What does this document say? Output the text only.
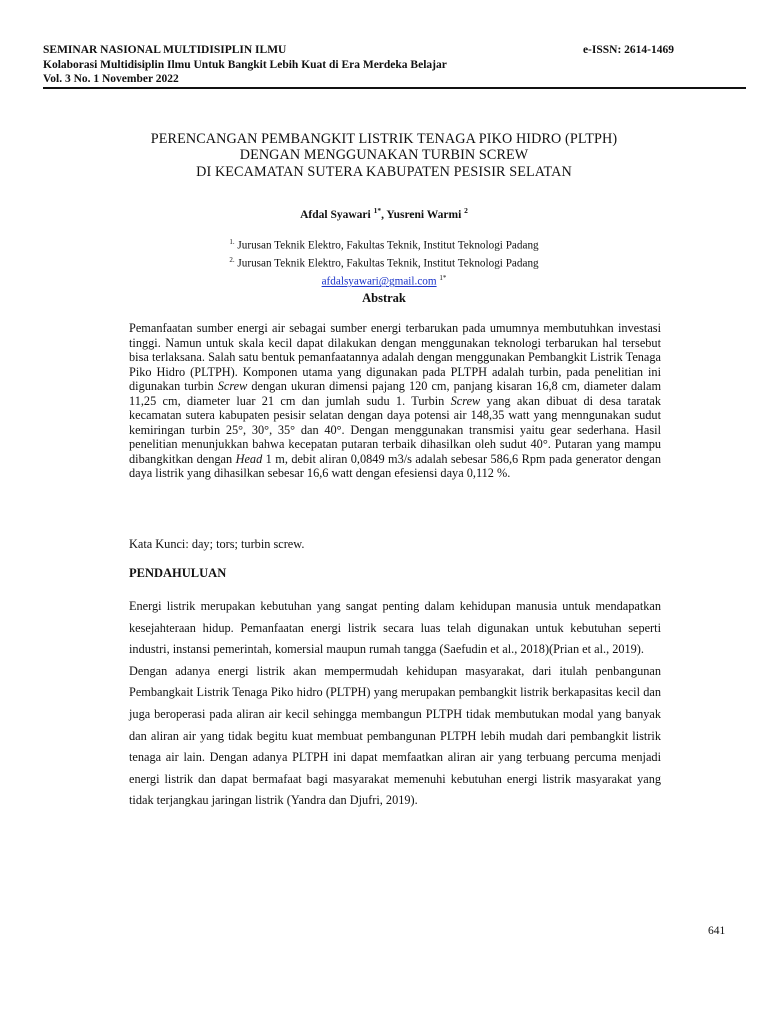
SEMINAR NASIONAL MULTIDISIPLIN ILMU	e-ISSN: 2614-1469
Kolaborasi Multidisiplin Ilmu Untuk Bangkit Lebih Kuat di Era Merdeka Belajar
Vol. 3 No. 1 November 2022
PERENCANGAN PEMBANGKIT LISTRIK TENAGA PIKO HIDRO (PLTPH)
DENGAN MENGGUNAKAN TURBIN SCREW
DI KECAMATAN SUTERA KABUPATEN PESISIR SELATAN
Afdal Syawari $^{1*}$, Yusreni Warmi $^2$
$^{1.}$ Jurusan Teknik Elektro, Fakultas Teknik, Institut Teknologi Padang
$^{2.}$ Jurusan Teknik Elektro, Fakultas Teknik, Institut Teknologi Padang
afdalsyawari@gmail.com $^{1*}$
Abstrak
Pemanfaatan sumber energi air sebagai sumber energi terbarukan pada umumnya membutuhkan investasi tinggi. Namun untuk skala kecil dapat dilakukan dengan menggunakan teknologi terbarukan hal tersebut bisa terlaksana. Salah satu bentuk pemanfaatannya adalah dengan menggunakan Pembangkit Listrik Tenaga Piko Hidro (PLTPH). Komponen utama yang digunakan pada PLTPH adalah turbin, pada penelitian ini digunakan turbin Screw dengan ukuran dimensi pajang 120 cm, panjang kisaran 16,8 cm, diameter dalam 11,25 cm, diameter luar 21 cm dan jumlah sudu 1. Turbin Screw yang akan dibuat di desa taratak kecamatan sutera kabupaten pesisir selatan dengan daya potensi air 148,35 watt yang menngunakan sudut kemiringan turbin 25°, 30°, 35° dan 40°. Dengan menggunakan transmisi yaitu gear sederhana. Hasil penelitian menunjukkan bahwa kecepatan putaran terbaik dihasilkan oleh sudut 40°. Putaran yang mampu dibangkitkan dengan Head 1 m, debit aliran 0,0849 m3/s adalah sebesar 586,6 Rpm pada generator dengan daya listrik yang dihasilkan sebesar 16,6 watt dengan efesiensi daya 0,112 %.
Kata Kunci: day; tors; turbin screw.
PENDAHULUAN

Energi listrik merupakan kebutuhan yang sangat penting dalam kehidupan manusia untuk mendapatkan kesejahteraan hidup. Pemanfaatan energi listrik secara luas telah digunakan untuk kebutuhan seperti industri, instansi pemerintah, komersial maupun rumah tangga (Saefudin et al., 2018)(Prian et al., 2019).

Dengan adanya energi listrik akan mempermudah kehidupan masyarakat, dari itulah penbangunan Pembangkait Listrik Tenaga Piko hidro (PLTPH) yang merupakan pembangkit listrik berkapasitas kecil dan juga beroperasi pada aliran air kecil sehingga membangun PLTPH tidak membutukan modal yang banyak dan aliran air yang tidak begitu kuat membuat pembangunan PLTPH lebih mudah dari pembangkit listrik tenaga air lain. Dengan adanya PLTPH ini dapat memfaatkan aliran air yang terbuang percuma menjadi energi listrik dan dapat bermafaat bagi masyarakat memenuhi kebutuhan energi listrik masyarakat yang tidak terjangkau jaringan listrik (Yandra dan Djufri, 2019).

641
